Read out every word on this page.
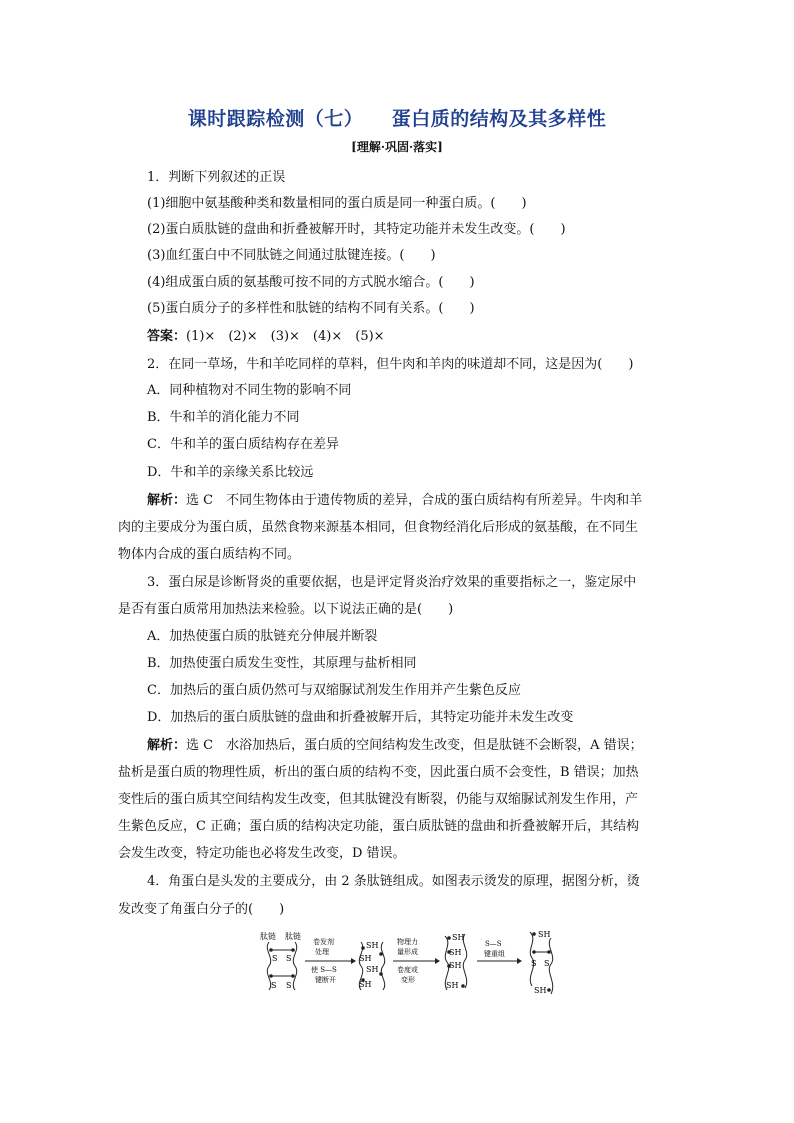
课时跟踪检测（七）    蛋白质的结构及其多样性
[理解·巩固·落实]
1．判断下列叙述的正误
(1)细胞中氨基酸种类和数量相同的蛋白质是同一种蛋白质。(　　)
(2)蛋白质肽链的盘曲和折叠被解开时，其特定功能并未发生改变。(　　)
(3)血红蛋白中不同肽链之间通过肽键连接。(　　)
(4)组成蛋白质的氨基酸可按不同的方式脱水缩合。(　　)
(5)蛋白质分子的多样性和肽链的结构不同有关系。(　　)
答案：(1)×　(2)×　(3)×　(4)×　(5)×
2．在同一草场，牛和羊吃同样的草料，但牛肉和羊肉的味道却不同，这是因为(　　)
A．同种植物对不同生物的影响不同
B．牛和羊的消化能力不同
C．牛和羊的蛋白质结构存在差异
D．牛和羊的亲缘关系比较远
解析：选 C　不同生物体由于遗传物质的差异，合成的蛋白质结构有所差异。牛肉和羊
肉的主要成分为蛋白质，虽然食物来源基本相同，但食物经消化后形成的氨基酸，在不同生
物体内合成的蛋白质结构不同。
3．蛋白尿是诊断肾炎的重要依据，也是评定肾炎治疗效果的重要指标之一，鉴定尿中
是否有蛋白质常用加热法来检验。以下说法正确的是(　　)
A．加热使蛋白质的肽链充分伸展并断裂
B．加热使蛋白质发生变性，其原理与盐析相同
C．加热后的蛋白质仍然可与双缩脲试剂发生作用并产生紫色反应
D．加热后的蛋白质肽链的盘曲和折叠被解开后，其特定功能并未发生改变
解析：选 C　水浴加热后，蛋白质的空间结构发生改变，但是肽链不会断裂，A 错误；
盐析是蛋白质的物理性质，析出的蛋白质的结构不变，因此蛋白质不会变性，B 错误；加热
变性后的蛋白质其空间结构发生改变，但其肽键没有断裂，仍能与双缩脲试剂发生作用，产
生紫色反应，C 正确；蛋白质的结构决定功能，蛋白质肽链的盘曲和折叠被解开后，其结构
会发生改变，特定功能也必将发生改变，D 错误。
4．角蛋白是头发的主要成分，由 2 条肽链组成。如图表示烫发的原理，据图分析，烫
发改变了角蛋白分子的(　　)
肽链 肽链
S S
S S
卷发剂
处理
使 S—S
键断开
SH
SH
SH
SH
物理力
量形成
卷度或
变形
SH
SH
SH
SH
S—S
键重组
SH
S S
SH
